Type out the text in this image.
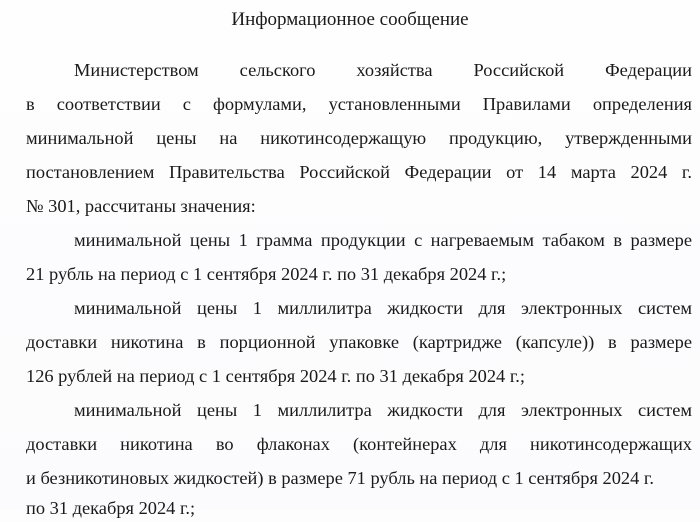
Информационное сообщение
Министерством сельского хозяйства Российской Федерации
в соответствии с формулами, установленными Правилами определения
минимальной цены на никотинсодержащую продукцию, утвержденными
постановлением Правительства Российской Федерации от 14 марта 2024 г.
№ 301, рассчитаны значения:
минимальной цены 1 грамма продукции с нагреваемым табаком в размере
21 рубль на период с 1 сентября 2024 г. по 31 декабря 2024 г.;
минимальной цены 1 миллилитра жидкости для электронных систем
доставки никотина в порционной упаковке (картридже (капсуле)) в размере
126 рублей на период с 1 сентября 2024 г. по 31 декабря 2024 г.;
минимальной цены 1 миллилитра жидкости для электронных систем
доставки никотина во флаконах (контейнерах для никотинсодержащих
и безникотиновых жидкостей) в размере 71 рубль на период с 1 сентября 2024 г.
по 31 декабря 2024 г.;
